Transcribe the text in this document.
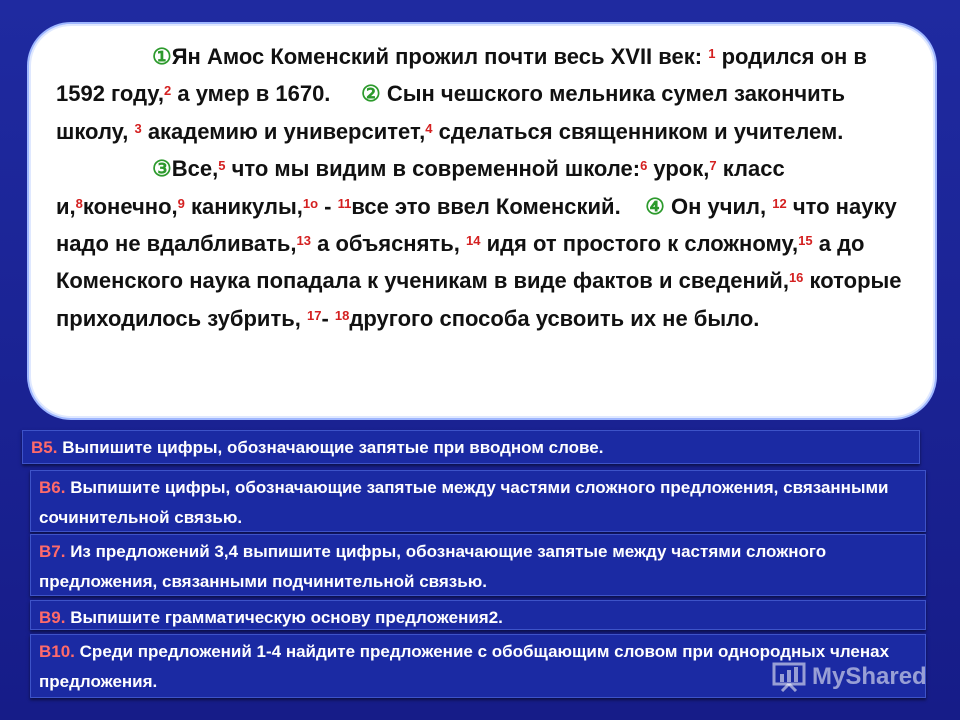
①Ян Амос Коменский прожил почти весь XVII век: $^1$ родился он в 1592 году,$^2$ а умер в 1670. ② Сын чешского мельника сумел закончить школу, $^3$ академию и университет,$^4$ сделаться священником и учителем.

③Все,$^5$ что мы видим в современной школе:$^6$ урок,$^7$ класс и,$^8$конечно,$^9$ каникулы,$^{1о}$ - $^{11}$все это ввел Коменский. ④ Он учил, $^{12}$ что науку надо не вдалбливать,$^{13}$ а объяснять, $^{14}$ идя от простого к сложному,$^{15}$ а до Коменского наука попадала к ученикам в виде фактов и сведений,$^{16}$ которые приходилось зубрить, $^{17}$- $^{18}$другого способа усвоить их не было.

В5. Выпишите цифры, обозначающие запятые при вводном слове.
В6. Выпишите цифры, обозначающие запятые между частями сложного предложения, связанными сочинительной связью.
В7. Из предложений 3,4 выпишите цифры, обозначающие запятые между частями сложного предложения, связанными подчинительной связью.
В9. Выпишите грамматическую основу предложения2.
В10. Среди предложений 1-4 найдите предложение с обобщающим словом при однородных членах предложения.	MyShared
